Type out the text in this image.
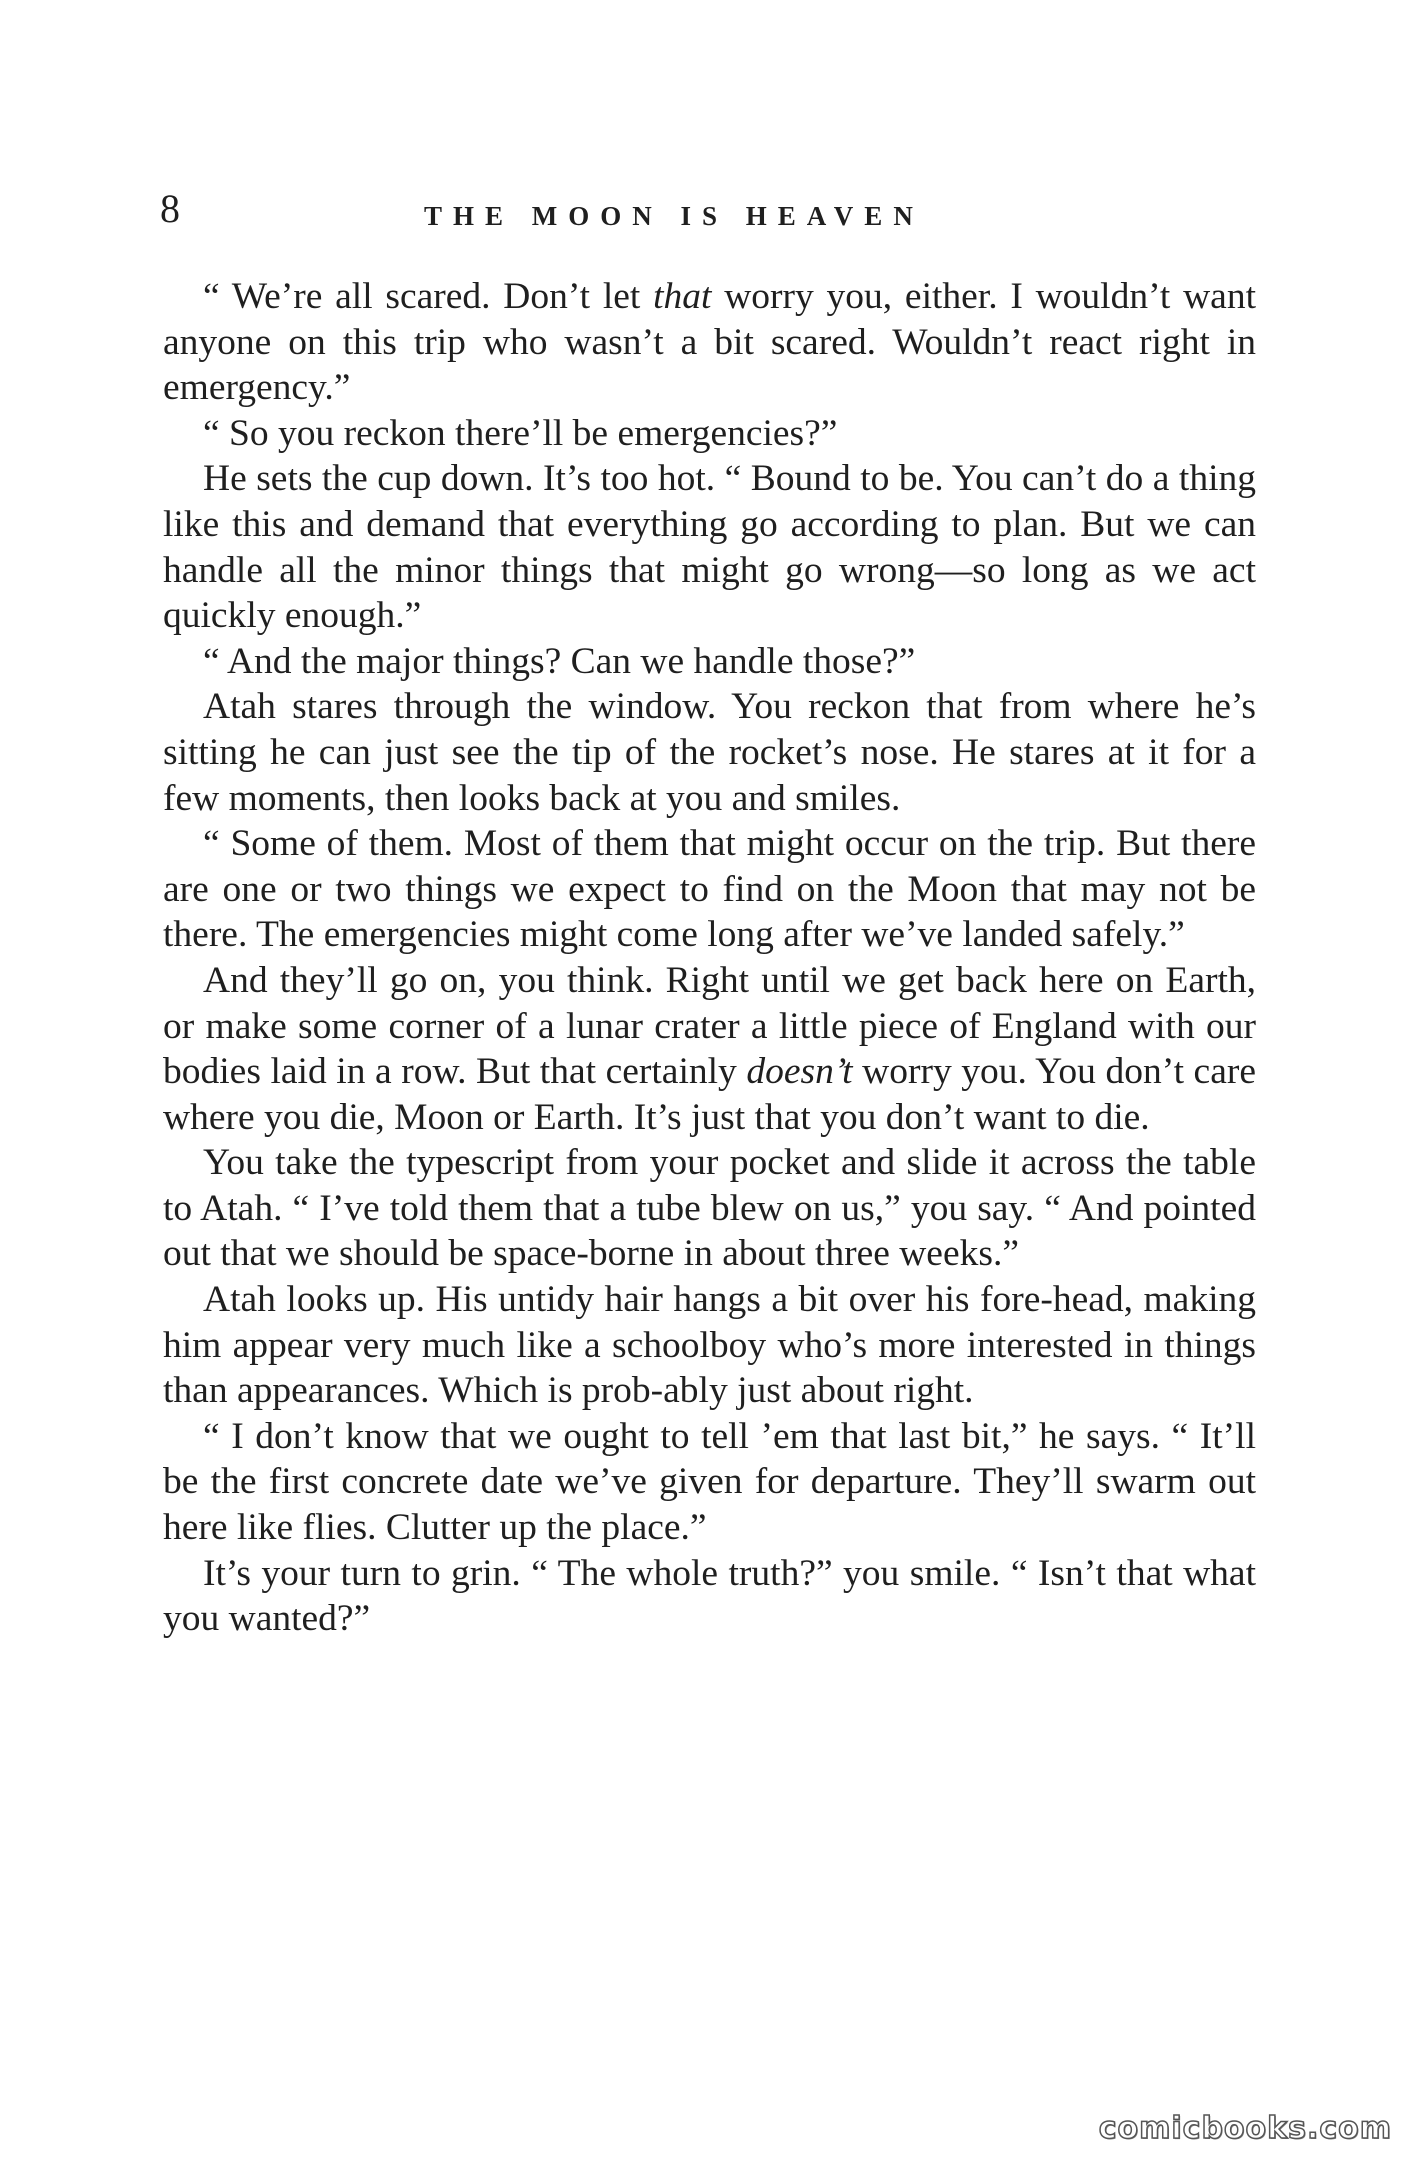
8	THE MOON IS HEAVEN

“ We’re all scared. Don’t let that worry you, either. I wouldn’t want anyone on this trip who wasn’t a bit scared. Wouldn’t react right in emergency.”

“ So you reckon there’ll be emergencies?”

He sets the cup down. It’s too hot. “ Bound to be. You can’t do a thing like this and demand that everything go according to plan. But we can handle all the minor things that might go wrong—so long as we act quickly enough.”

“ And the major things? Can we handle those?”

Atah stares through the window. You reckon that from where he’s sitting he can just see the tip of the rocket’s nose. He stares at it for a few moments, then looks back at you and smiles.

“ Some of them. Most of them that might occur on the trip. But there are one or two things we expect to find on the Moon that may not be there. The emergencies might come long after we’ve landed safely.”

And they’ll go on, you think. Right until we get back here on Earth, or make some corner of a lunar crater a little piece of England with our bodies laid in a row. But that certainly doesn’t worry you. You don’t care where you die, Moon or Earth. It’s just that you don’t want to die.

You take the typescript from your pocket and slide it across the table to Atah. “ I’ve told them that a tube blew on us,” you say. “ And pointed out that we should be space-borne in about three weeks.”

Atah looks up. His untidy hair hangs a bit over his fore-head, making him appear very much like a schoolboy who’s more interested in things than appearances. Which is prob-ably just about right.

“ I don’t know that we ought to tell ’em that last bit,” he says. “ It’ll be the first concrete date we’ve given for departure. They’ll swarm out here like flies. Clutter up the place.”

It’s your turn to grin. “ The whole truth?” you smile. “ Isn’t that what you wanted?”

comicbooks.com
